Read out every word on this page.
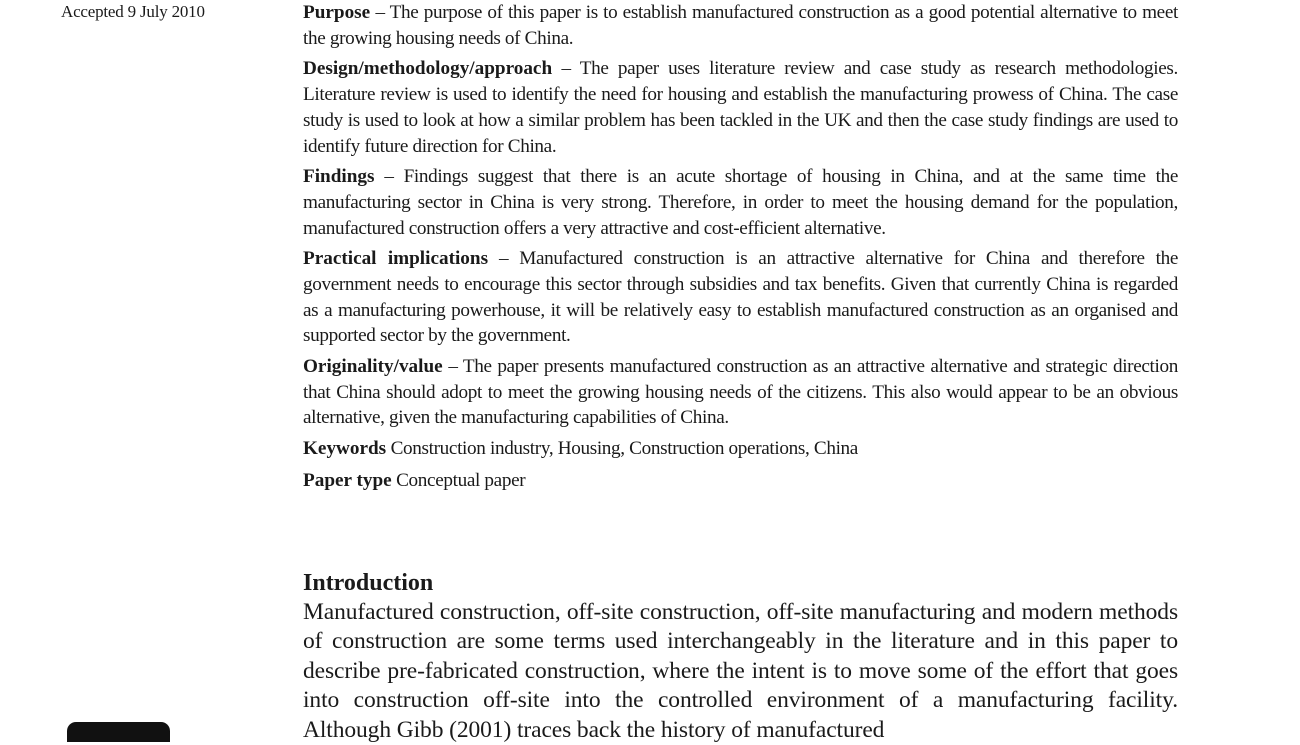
Accepted 9 July 2010	Purpose – The purpose of this paper is to establish manufactured construction as a good potential alternative to meet the growing housing needs of China.

Design/methodology/approach – The paper uses literature review and case study as research methodologies. Literature review is used to identify the need for housing and establish the manufacturing prowess of China. The case study is used to look at how a similar problem has been tackled in the UK and then the case study findings are used to identify future direction for China.

Findings – Findings suggest that there is an acute shortage of housing in China, and at the same time the manufacturing sector in China is very strong. Therefore, in order to meet the housing demand for the population, manufactured construction offers a very attractive and cost-efficient alternative.

Practical implications – Manufactured construction is an attractive alternative for China and therefore the government needs to encourage this sector through subsidies and tax benefits. Given that currently China is regarded as a manufacturing powerhouse, it will be relatively easy to establish manufactured construction as an organised and supported sector by the government.

Originality/value – The paper presents manufactured construction as an attractive alternative and strategic direction that China should adopt to meet the growing housing needs of the citizens. This also would appear to be an obvious alternative, given the manufacturing capabilities of China.

Keywords Construction industry, Housing, Construction operations, China

Paper type Conceptual paper

Introduction

Manufactured construction, off-site construction, off-site manufacturing and modern methods of construction are some terms used interchangeably in the literature and in this paper to describe pre-fabricated construction, where the intent is to move some of the effort that goes into construction off-site into the controlled environment of a manufacturing facility. Although Gibb (2001) traces back the history of manufactured
